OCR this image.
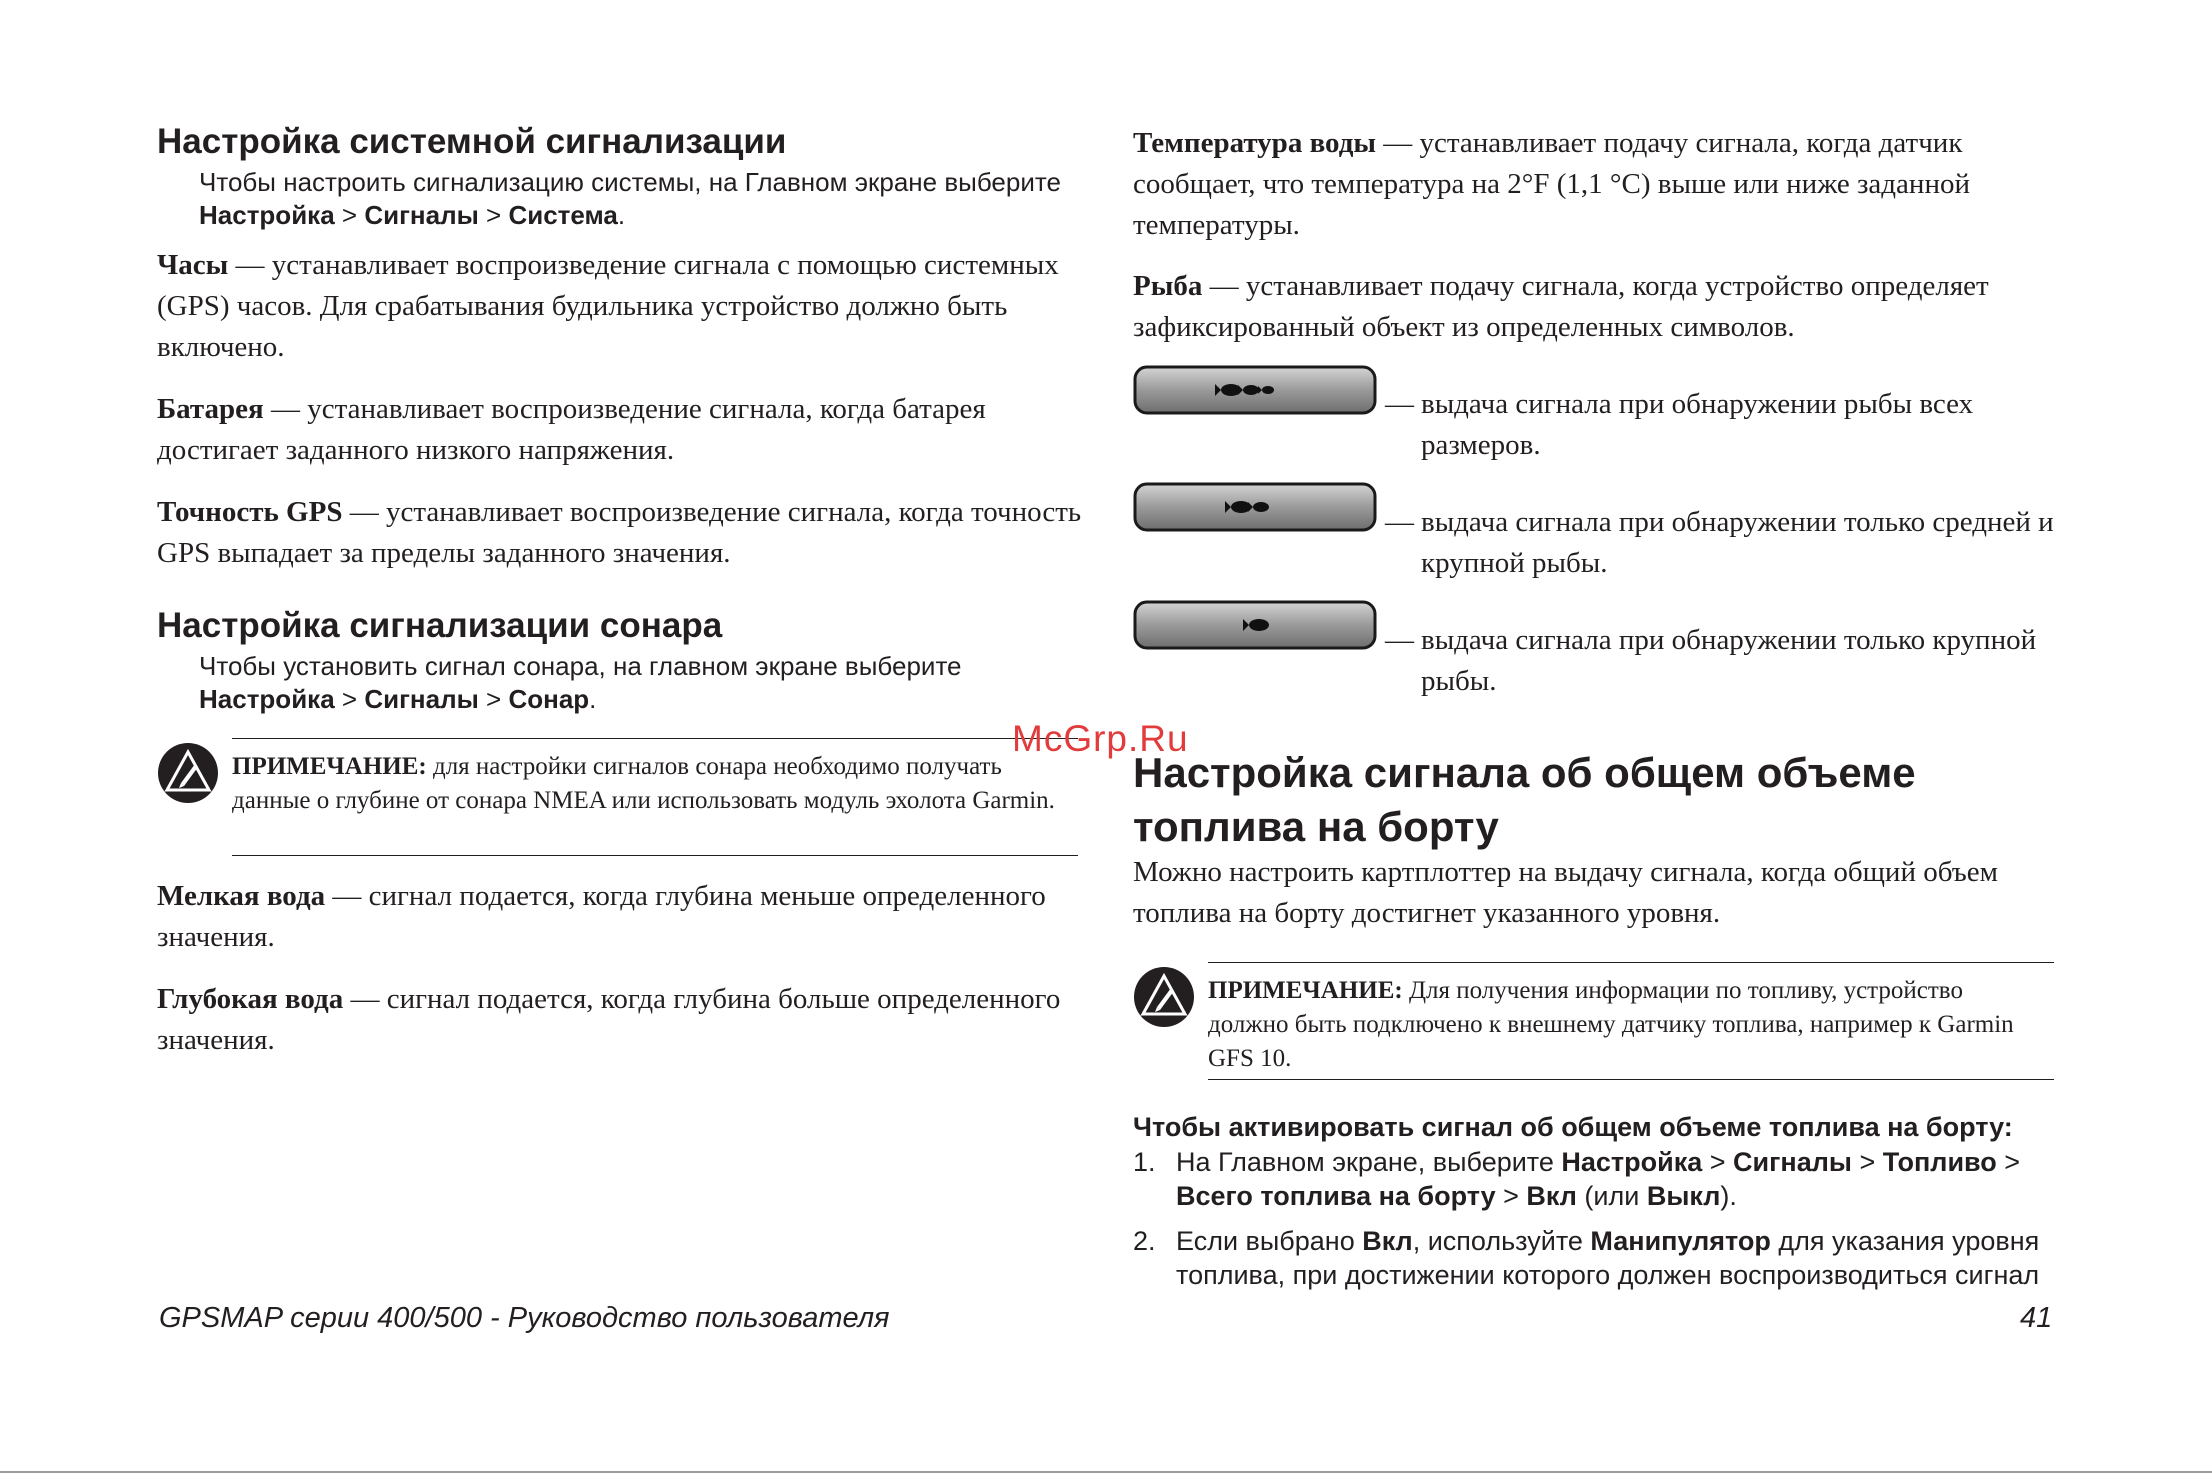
Настройка системной сигнализации

Чтобы настроить сигнализацию системы, на Главном экране выберите
Настройка > Сигналы > Система.

Часы — устанавливает воспроизведение сигнала с помощью системных (GPS) часов. Для срабатывания будильника устройство должно быть включено.

Батарея — устанавливает воспроизведение сигнала, когда батарея достигает заданного низкого напряжения.

Точность GPS — устанавливает воспроизведение сигнала, когда точность GPS выпадает за пределы заданного значения.

Настройка сигнализации сонара

Чтобы установить сигнал сонара, на главном экране выберите
Настройка > Сигналы > Сонар.

ПРИМЕЧАНИЕ: для настройки сигналов сонара необходимо получать данные о глубине от сонара NMEA или использовать модуль эхолота Garmin.

Мелкая вода — сигнал подается, когда глубина меньше определенного значения.

Глубокая вода — сигнал подается, когда глубина больше определенного значения.

Температура воды — устанавливает подачу сигнала, когда датчик сообщает, что температура на 2°F (1,1 °C) выше или ниже заданной температуры.

Рыба — устанавливает подачу сигнала, когда устройство определяет зафиксированный объект из определенных символов.

— выдача сигнала при обнаружении рыбы всех размеров.
— выдача сигнала при обнаружении только средней и крупной рыбы.
— выдача сигнала при обнаружении только крупной рыбы.
Настройка сигнала об общем объеме топлива на борту

Можно настроить картплоттер на выдачу сигнала, когда общий объем топлива на борту достигнет указанного уровня.

ПРИМЕЧАНИЕ: Для получения информации по топливу, устройство должно быть подключено к внешнему датчику топлива, например к Garmin GFS 10.
Чтобы активировать сигнал об общем объеме топлива на борту:
1. На Главном экране, выберите Настройка > Сигналы > Топливо > Всего топлива на борту > Вкл (или Выкл).
2. Если выбрано Вкл, используйте Манипулятор для указания уровня топлива, при достижении которого должен воспроизводиться сигнал
GPSMAP серии 400/500 - Руководство пользователя	41
McGrp.Ru
